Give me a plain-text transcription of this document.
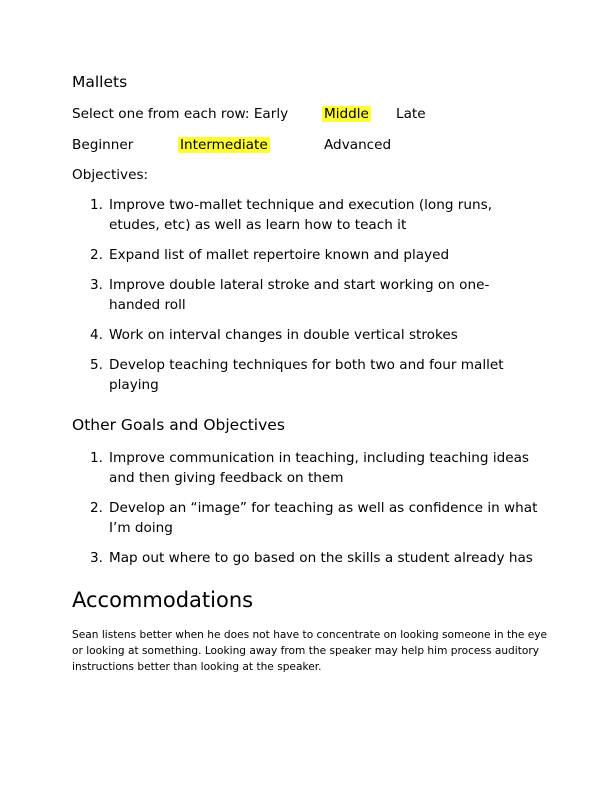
Mallets
Select one from each row: Early	Middle Late
Beginner	Intermediate	Advanced
Objectives:
1. Improve two-mallet technique and execution (long runs, etudes, etc) as well as learn how to teach it
2. Expand list of mallet repertoire known and played
3. Improve double lateral stroke and start working on one-handed roll
4. Work on interval changes in double vertical strokes
5. Develop teaching techniques for both two and four mallet playing
Other Goals and Objectives
1. Improve communication in teaching, including teaching ideas and then giving feedback on them
2. Develop an “image” for teaching as well as confidence in what I’m doing
3. Map out where to go based on the skills a student already has
Accommodations
Sean listens better when he does not have to concentrate on looking someone in the eye or looking at something. Looking away from the speaker may help him process auditory instructions better than looking at the speaker.
